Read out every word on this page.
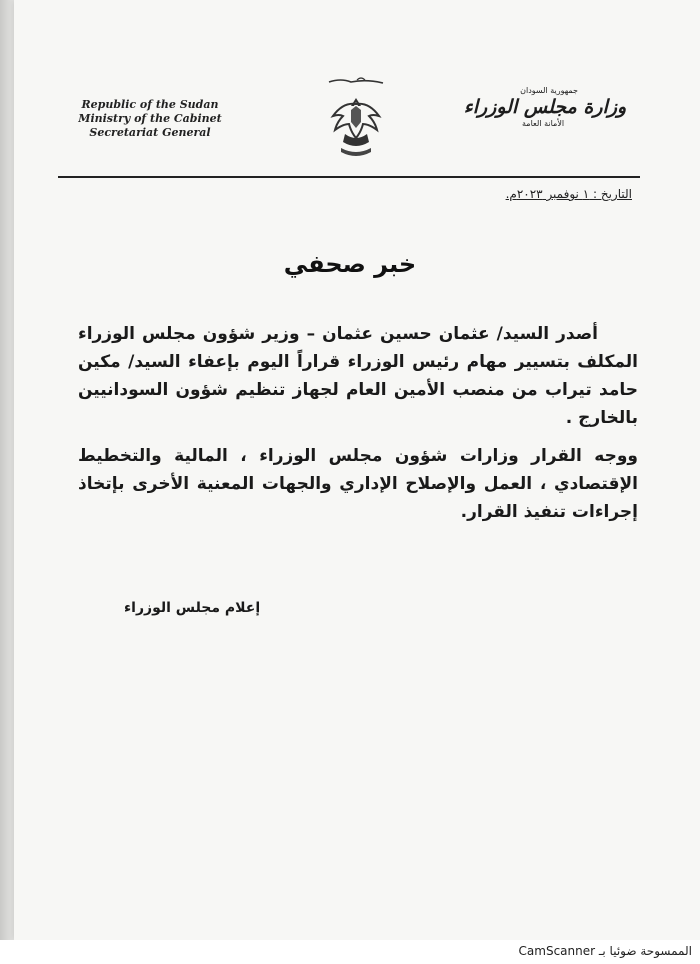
Republic of the Sudan
Ministry of the Cabinet
Secretariat General
جمهورية السودان
وزارة مجلس الوزراء
الأمانة العامة
التاريخ : ١ نوفمبر ٢٠٢٣م.
خبر صحفي

أصدر السيد/ عثمان حسين عثمان – وزير شؤون مجلس الوزراء المكلف بتسيير مهام رئيس الوزراء قراراً اليوم بإعفاء السيد/ مكين حامد تيراب من منصب الأمين العام لجهاز تنظيم شؤون السودانيين بالخارج .

ووجه القرار وزارات شؤون مجلس الوزراء ، المالية والتخطيط الإقتصادي ، العمل والإصلاح الإداري والجهات المعنية الأخرى بإتخاذ إجراءات تنفيذ القرار.

إعلام مجلس الوزراء
الممسوحة ضوئيا بـ CamScanner
